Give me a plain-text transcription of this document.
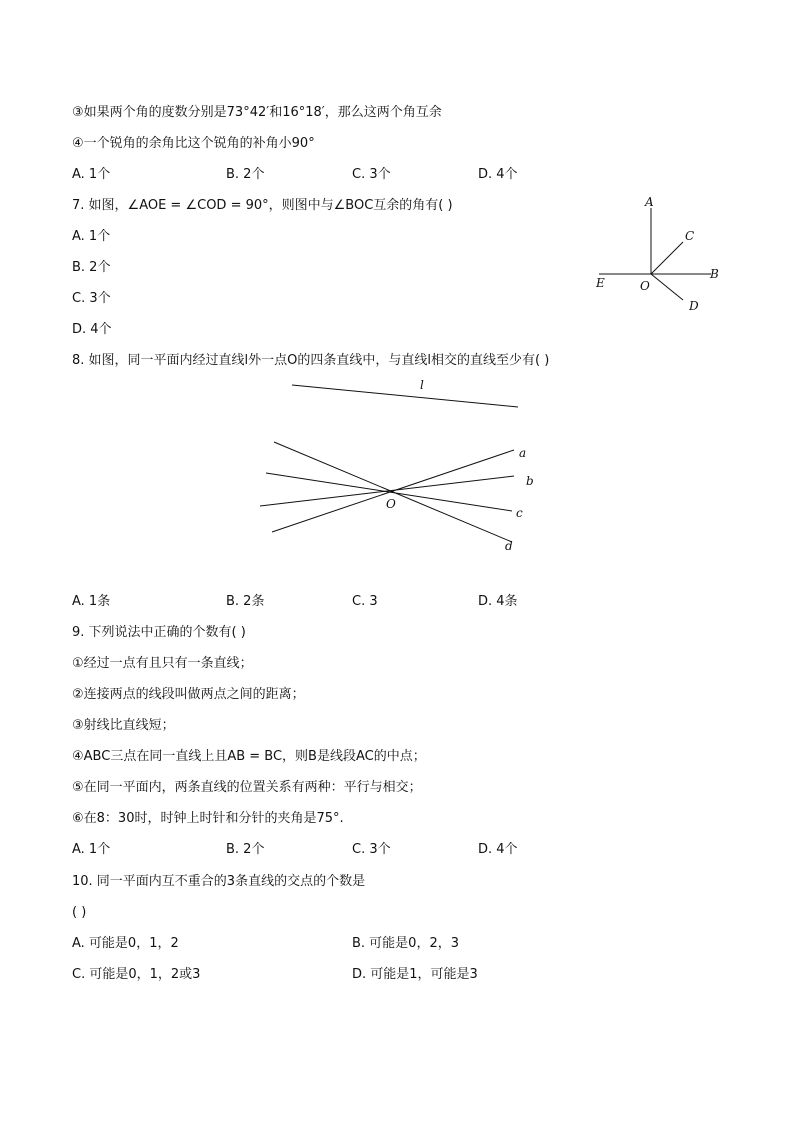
③如果两个角的度数分别是73°42′和16°18′，那么这两个角互余
④一个锐角的余角比这个锐角的补角小90°
A. 1个	B. 2个	C. 3个	D. 4个
7. 如图，∠AOE = ∠COD = 90°，则图中与∠BOC互余的角有( )
A. 1个
B. 2个
C. 3个
D. 4个
A
C
B
E	O
D
8. 如图，同一平面内经过直线l外一点O的四条直线中，与直线l相交的直线至少有( )
l
O
a
b
c
d
A. 1条	B. 2条	C. 3	D. 4条
9. 下列说法中正确的个数有( )
①经过一点有且只有一条直线；
②连接两点的线段叫做两点之间的距离；
③射线比直线短；
④ABC三点在同一直线上且AB = BC，则B是线段AC的中点；
⑤在同一平面内，两条直线的位置关系有两种：平行与相交；
⑥在8：30时，时钟上时针和分针的夹角是75°.
A. 1个	B. 2个	C. 3个	D. 4个
10. 同一平面内互不重合的3条直线的交点的个数是
( )
A. 可能是0，1，2	B. 可能是0，2，3
C. 可能是0，1，2或3	D. 可能是1，可能是3
